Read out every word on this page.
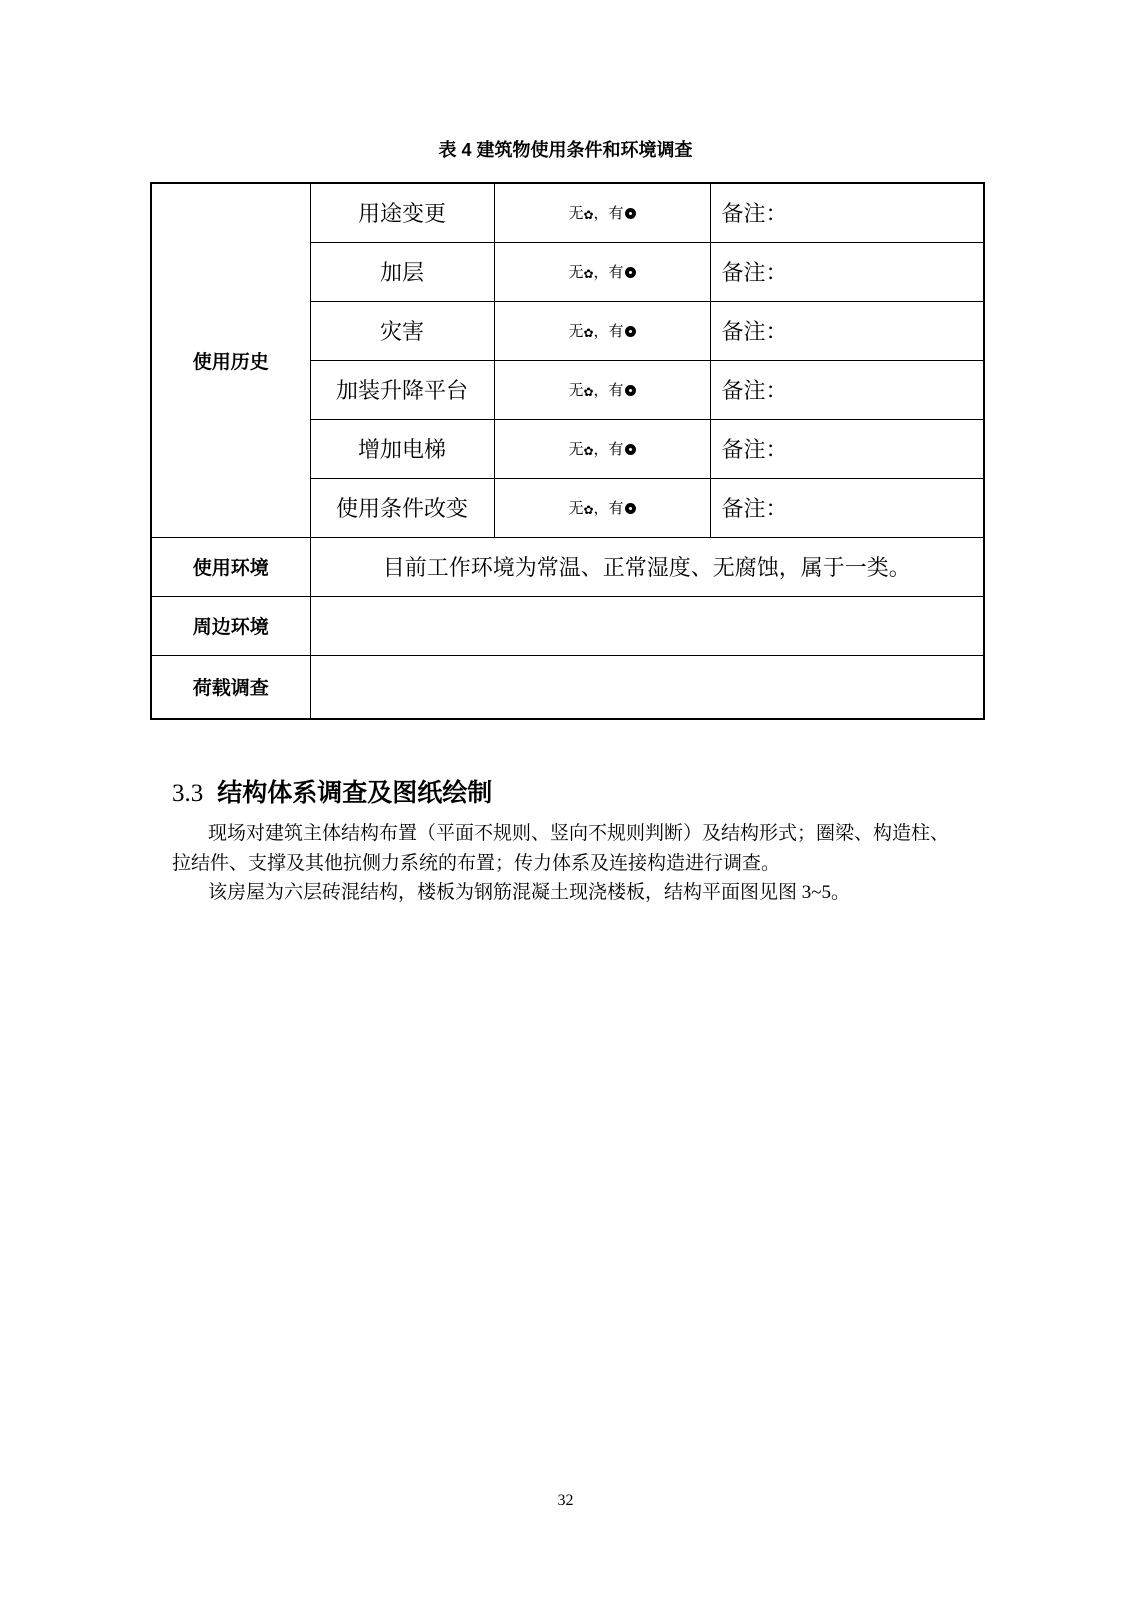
表 4 建筑物使用条件和环境调查
使用历史	用途变更	无 ✿ ，有	备注：
	加层	无 ✿ ，有	备注：
	灾害	无 ✿ ，有	备注：
	加装升降平台	无 ✿ ，有	备注：
	增加电梯	无 ✿ ，有	备注：
	使用条件改变	无 ✿ ，有	备注：
使用环境	目前工作环境为常温、正常湿度、无腐蚀，属于一类。		
周边环境			
荷载调查			
3.3 结构体系调查及图纸绘制
现场对建筑主体结构布置（平面不规则、竖向不规则判断）及结构形式；圈梁、构造柱、
拉结件、支撑及其他抗侧力系统的布置；传力体系及连接构造进行调查。
该房屋为六层砖混结构，楼板为钢筋混凝土现浇楼板，结构平面图见图 3~5。
32
